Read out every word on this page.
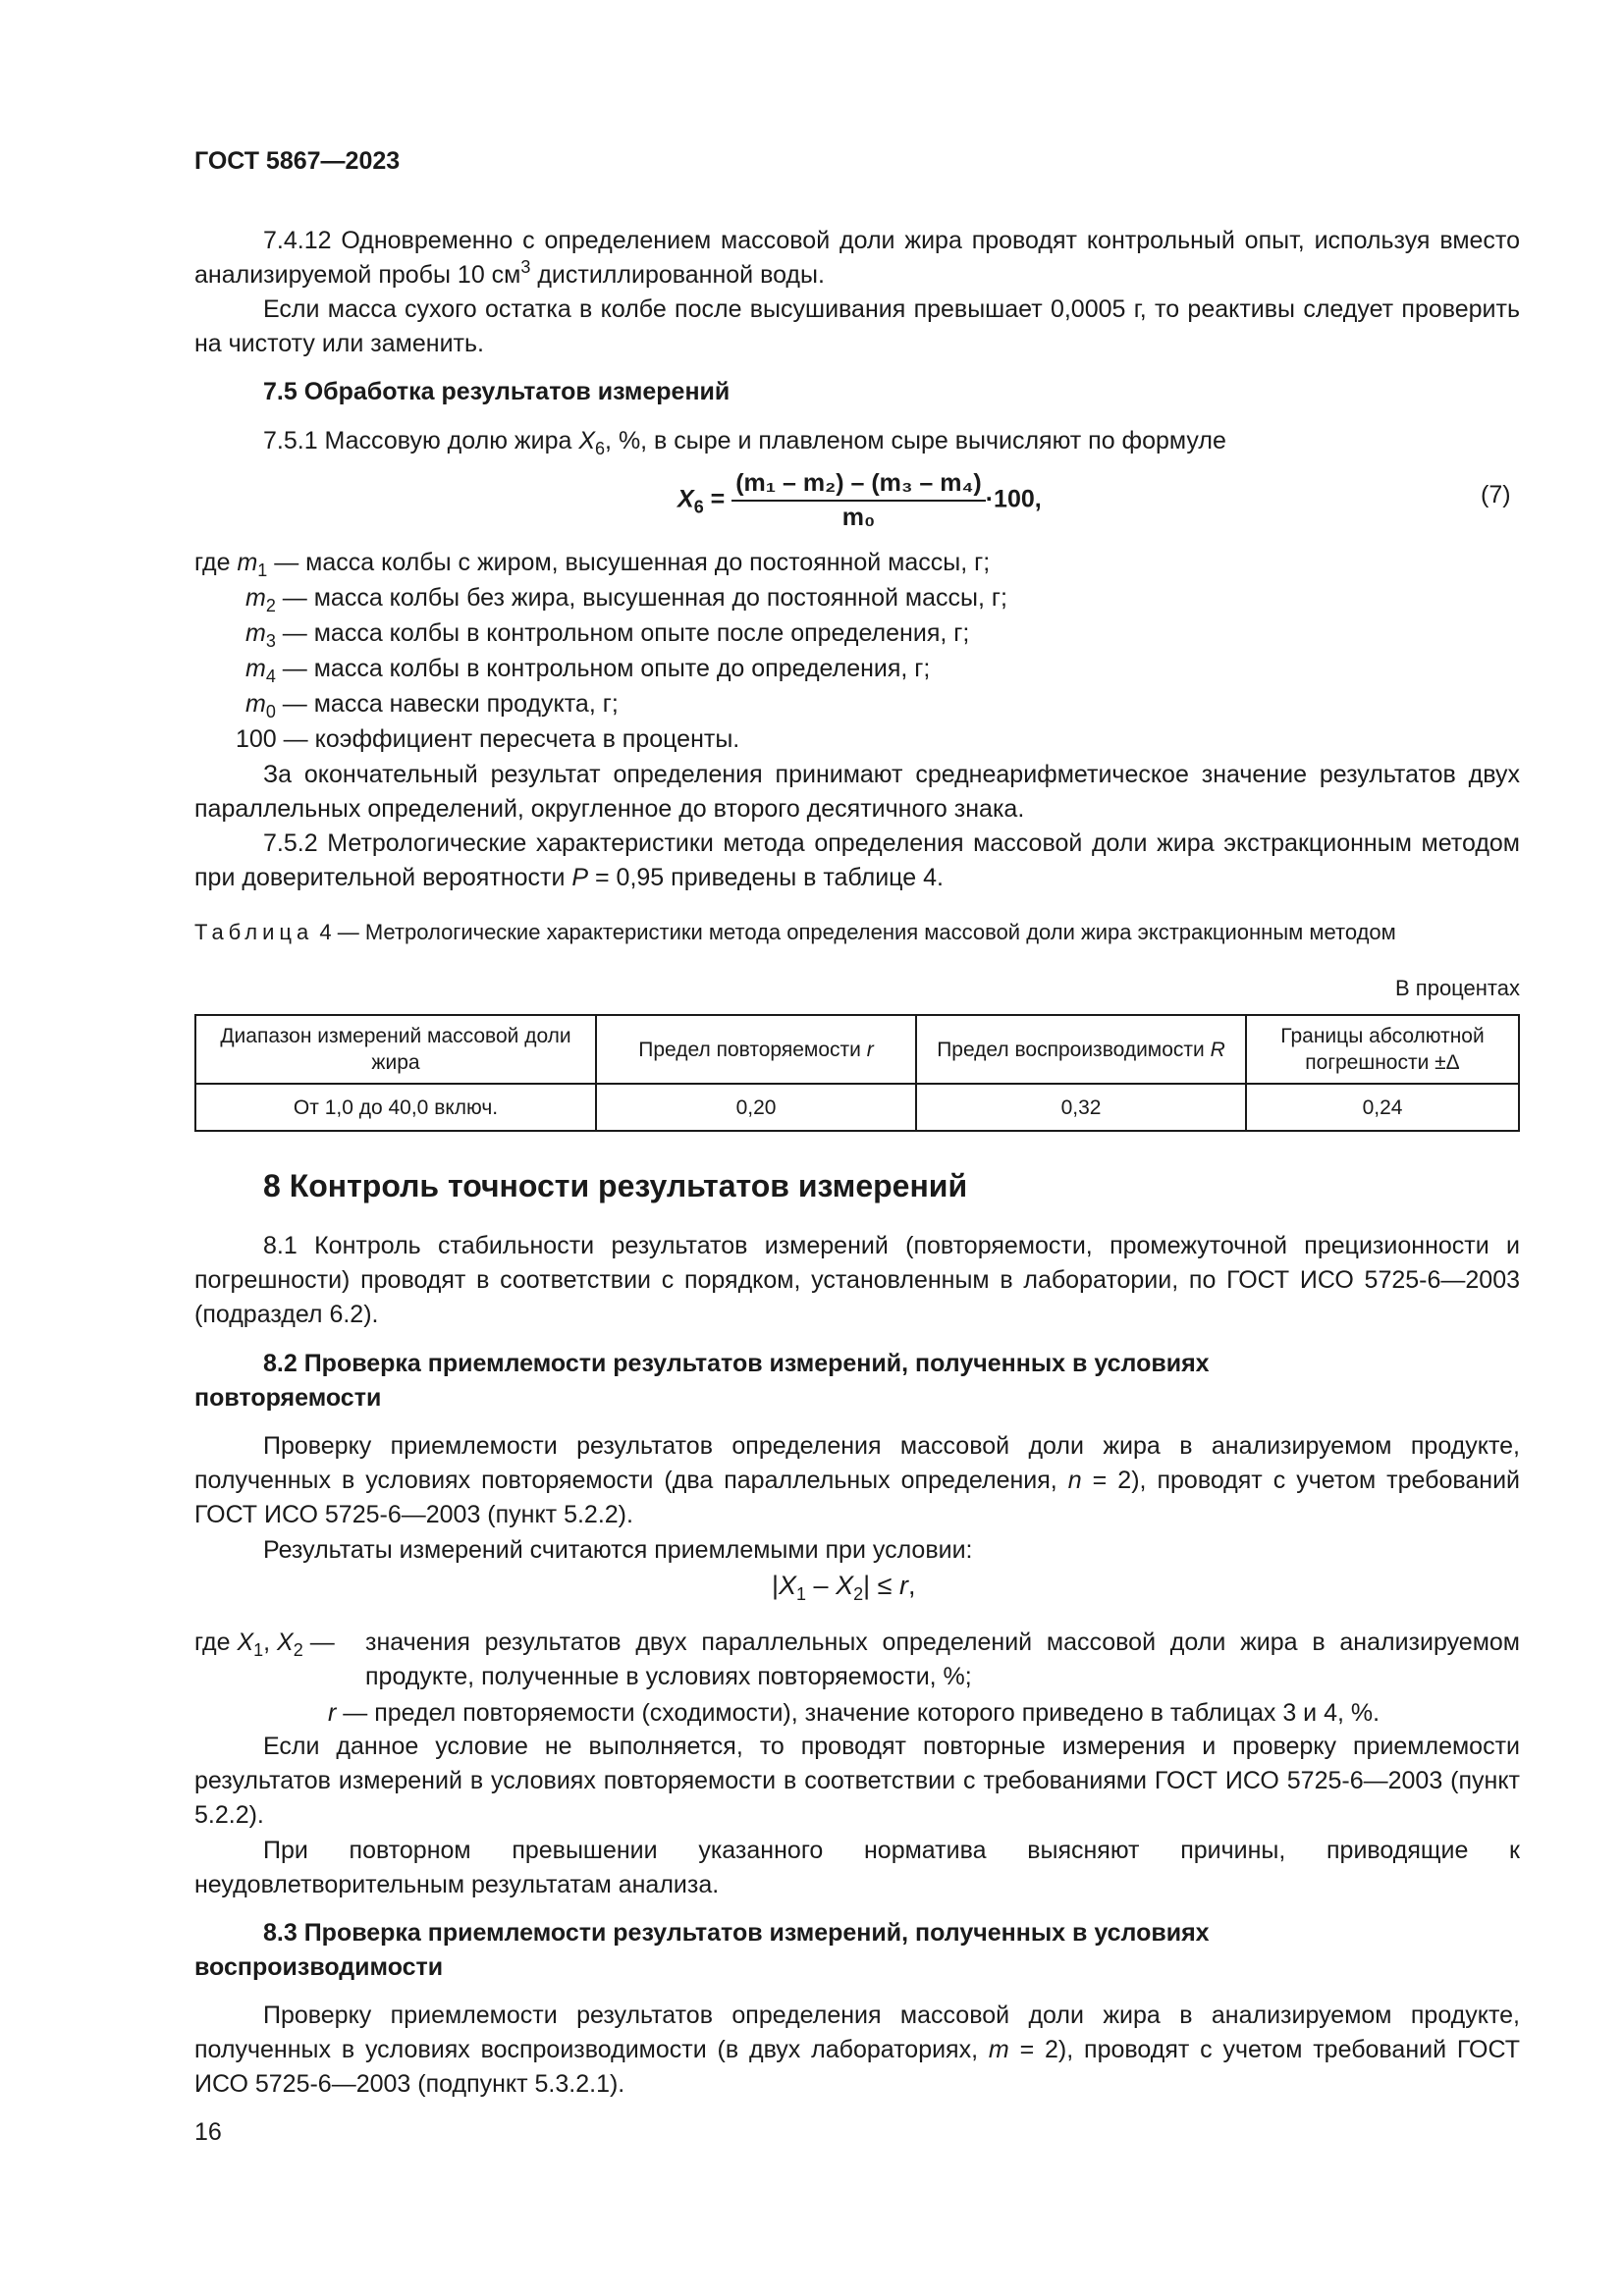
ГОСТ 5867—2023
7.4.12 Одновременно с определением массовой доли жира проводят контрольный опыт, используя вместо анализируемой пробы 10 $см^3$ дистиллированной воды.
Если масса сухого остатка в колбе после высушивания превышает 0,0005 г, то реактивы следует проверить на чистоту или заменить.
7.5 Обработка результатов измерений
7.5.1 Массовую долю жира $X_6$, %, в сыре и плавленом сыре вычисляют по формуле
$X_6 = \frac{\text{(m₁ – m₂) – (m₃ – m₄)}}{\text{m₀}} \cdot 100$,	(7)
где $m_1$ — масса колбы с жиром, высушенная до постоянной массы, г;
$m_2$ — масса колбы без жира, высушенная до постоянной массы, г;
$m_3$ — масса колбы в контрольном опыте после определения, г;
$m_4$ — масса колбы в контрольном опыте до определения, г;
$m_0$ — масса навески продукта, г;
100 — коэффициент пересчета в проценты.
За окончательный результат определения принимают среднеарифметическое значение результатов двух параллельных определений, округленное до второго десятичного знака.
7.5.2 Метрологические характеристики метода определения массовой доли жира экстракционным методом при доверительной вероятности P = 0,95 приведены в таблице 4.
Таблица 4 — Метрологические характеристики метода определения массовой доли жира экстракционным методом
В процентах
Диапазон измерений массовой доли жира	Предел повторяемости r	Предел воспроизводимости R	Границы абсолютной погрешности ±Δ
От 1,0 до 40,0 включ.	0,20	0,32	0,24
8 Контроль точности результатов измерений
8.1 Контроль стабильности результатов измерений (повторяемости, промежуточной прецизионности и погрешности) проводят в соответствии с порядком, установленным в лаборатории, по ГОСТ ИСО 5725-6—2003 (подраздел 6.2).
8.2 Проверка приемлемости результатов измерений, полученных в условиях
повторяемости
Проверку приемлемости результатов определения массовой доли жира в анализируемом продукте, полученных в условиях повторяемости (два параллельных определения, n = 2), проводят с учетом требований ГОСТ ИСО 5725-6—2003 (пункт 5.2.2).
Результаты измерений считаются приемлемыми при условии:
$|X_1 - X_2| \le r$,
где $X_1$, $X_2$ — значения результатов двух параллельных определений массовой доли жира в анализируемом продукте, полученные в условиях повторяемости, %;
r — предел повторяемости (сходимости), значение которого приведено в таблицах 3 и 4, %.
Если данное условие не выполняется, то проводят повторные измерения и проверку приемлемости результатов измерений в условиях повторяемости в соответствии с требованиями ГОСТ ИСО 5725-6—2003 (пункт 5.2.2).
При повторном превышении указанного норматива выясняют причины, приводящие к неудовлетворительным результатам анализа.
8.3 Проверка приемлемости результатов измерений, полученных в условиях
воспроизводимости
Проверку приемлемости результатов определения массовой доли жира в анализируемом продукте, полученных в условиях воспроизводимости (в двух лабораториях, m = 2), проводят с учетом требований ГОСТ ИСО 5725-6—2003 (подпункт 5.3.2.1).
16
